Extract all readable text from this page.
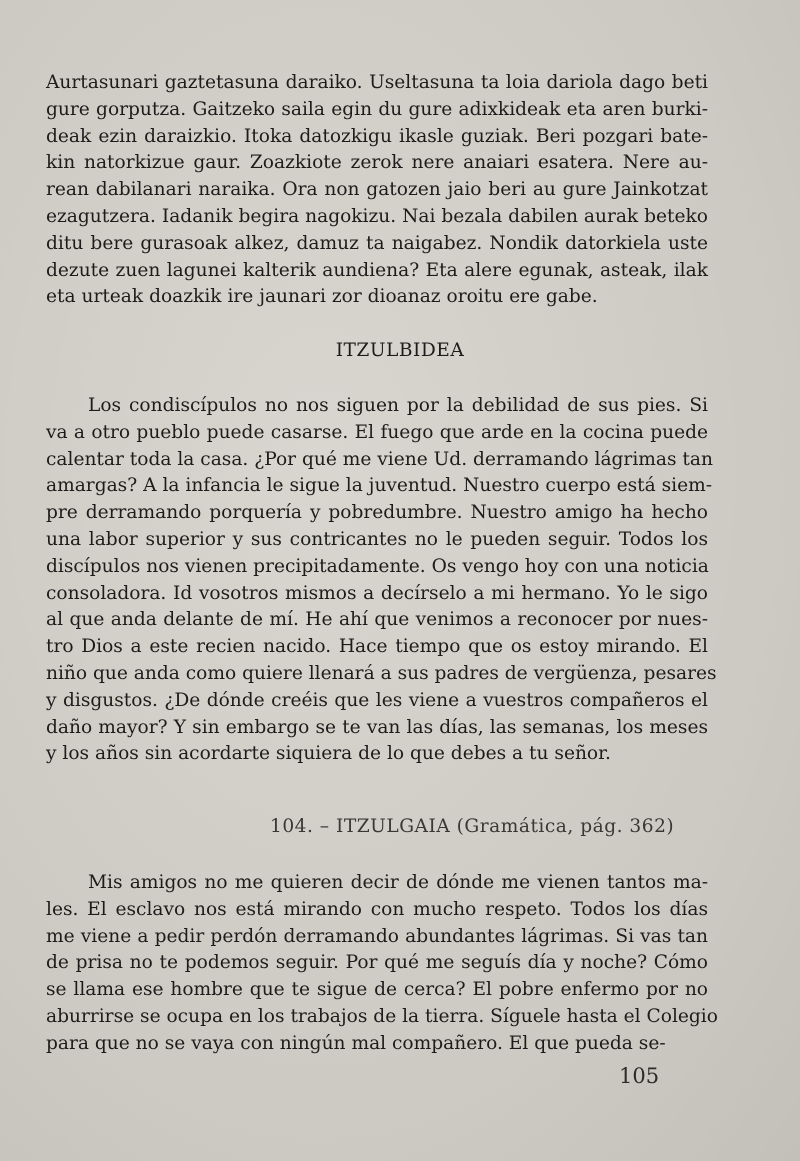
Aurtasunari gaztetasuna daraiko. Useltasuna ta loia dariola dago beti
gure gorputza. Gaitzeko saila egin du gure adixkideak eta aren burki-
deak ezin daraizkio. Itoka datozkigu ikasle guziak. Beri pozgari bate-
kin natorkizue gaur. Zoazkiote zerok nere anaiari esatera. Nere au-
rean dabilanari naraika. Ora non gatozen jaio beri au gure Jainkotzat
ezagutzera. Iadanik begira nagokizu. Nai bezala dabilen aurak beteko
ditu bere gurasoak alkez, damuz ta naigabez. Nondik datorkiela uste
dezute zuen lagunei kalterik aundiena? Eta alere egunak, asteak, ilak
eta urteak doazkik ire jaunari zor dioanaz oroitu ere gabe.
ITZULBIDEA
Los condiscípulos no nos siguen por la debilidad de sus pies. Si
va a otro pueblo puede casarse. El fuego que arde en la cocina puede
calentar toda la casa. ¿Por qué me viene Ud. derramando lágrimas tan
amargas? A la infancia le sigue la juventud. Nuestro cuerpo está siem-
pre derramando porquería y pobredumbre. Nuestro amigo ha hecho
una labor superior y sus contricantes no le pueden seguir. Todos los
discípulos nos vienen precipitadamente. Os vengo hoy con una noticia
consoladora. Id vosotros mismos a decírselo a mi hermano. Yo le sigo
al que anda delante de mí. He ahí que venimos a reconocer por nues-
tro Dios a este recien nacido. Hace tiempo que os estoy mirando. El
niño que anda como quiere llenará a sus padres de vergüenza, pesares
y disgustos. ¿De dónde creéis que les viene a vuestros compañeros el
daño mayor? Y sin embargo se te van las días, las semanas, los meses
y los años sin acordarte siquiera de lo que debes a tu señor.
104. – ITZULGAIA (Gramática, pág. 362)
Mis amigos no me quieren decir de dónde me vienen tantos ma-
les. El esclavo nos está mirando con mucho respeto. Todos los días
me viene a pedir perdón derramando abundantes lágrimas. Si vas tan
de prisa no te podemos seguir. Por qué me seguís día y noche? Cómo
se llama ese hombre que te sigue de cerca? El pobre enfermo por no
aburrirse se ocupa en los trabajos de la tierra. Síguele hasta el Colegio
para que no se vaya con ningún mal compañero. El que pueda se-
105
